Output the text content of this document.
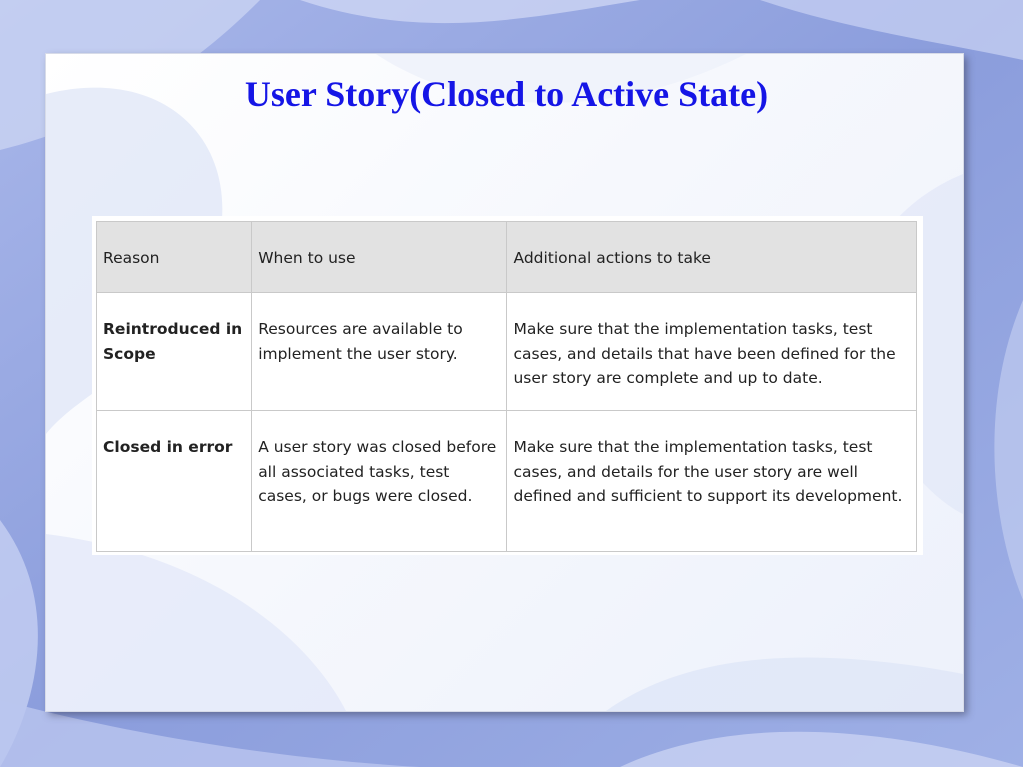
User Story(Closed to Active State)
Reason	When to use	Additional actions to take
Reintroduced in Scope	Resources are available to implement the user story.	Make sure that the implementation tasks, test cases, and details that have been defined for the user story are complete and up to date.
Closed in error	A user story was closed before all associated tasks, test cases, or bugs were closed.	Make sure that the implementation tasks, test cases, and details for the user story are well defined and sufficient to support its development.
